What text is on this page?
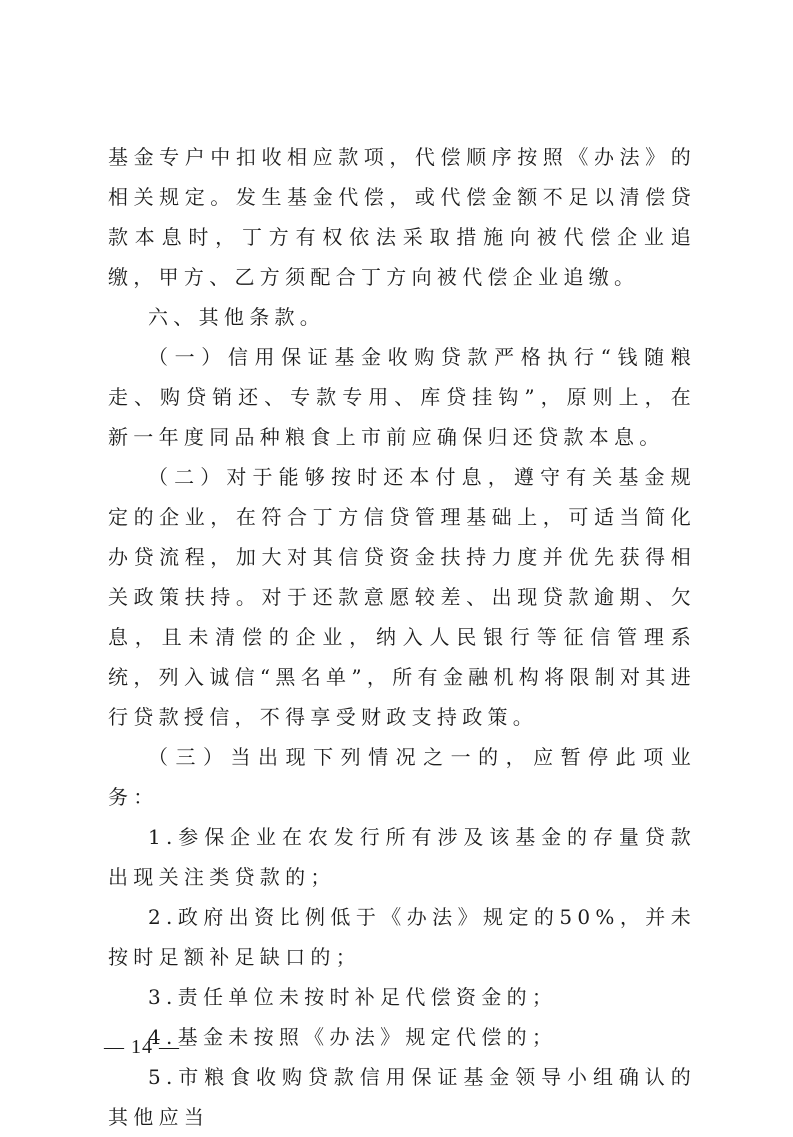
基金专户中扣收相应款项，代偿顺序按照《办法》的相关规定。发生基金代偿，或代偿金额不足以清偿贷款本息时，丁方有权依法采取措施向被代偿企业追缴，甲方、乙方须配合丁方向被代偿企业追缴。

六、其他条款。

（一）信用保证基金收购贷款严格执行“钱随粮走、购贷销还、专款专用、库贷挂钩”，原则上，在新一年度同品种粮食上市前应确保归还贷款本息。

（二）对于能够按时还本付息，遵守有关基金规定的企业，在符合丁方信贷管理基础上，可适当简化办贷流程，加大对其信贷资金扶持力度并优先获得相关政策扶持。对于还款意愿较差、出现贷款逾期、欠息，且未清偿的企业，纳入人民银行等征信管理系统，列入诚信“黑名单”，所有金融机构将限制对其进行贷款授信，不得享受财政支持政策。

（三）当出现下列情况之一的，应暂停此项业务：

1.参保企业在农发行所有涉及该基金的存量贷款出现关注类贷款的；

2.政府出资比例低于《办法》规定的50%，并未按时足额补足缺口的；

3.责任单位未按时补足代偿资金的；

4.基金未按照《办法》规定代偿的；

5.市粮食收购贷款信用保证基金领导小组确认的其他应当

— 14 —
